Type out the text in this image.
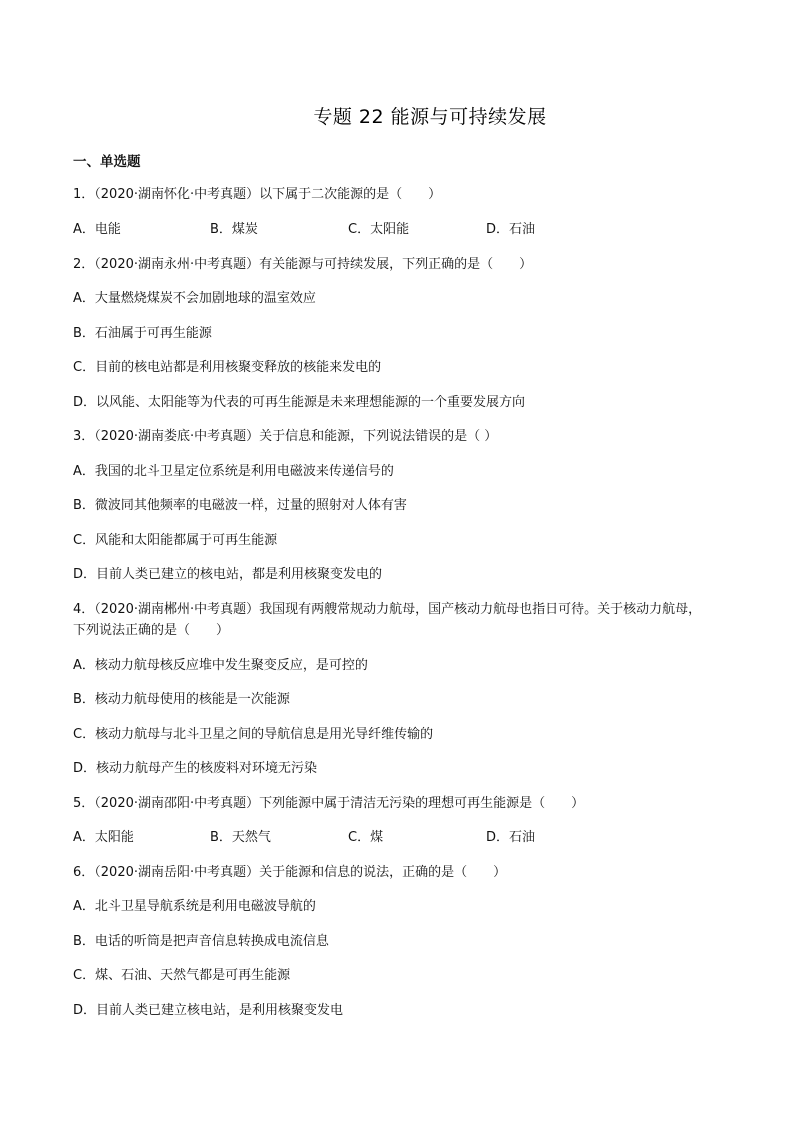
专题 22 能源与可持续发展
一、单选题
1．（2020·湖南怀化·中考真题）以下属于二次能源的是（　　）
A．电能	B．煤炭	C．太阳能	D．石油
2．（2020·湖南永州·中考真题）有关能源与可持续发展，下列正确的是（　　）
A．大量燃烧煤炭不会加剧地球的温室效应
B．石油属于可再生能源
C．目前的核电站都是利用核聚变释放的核能来发电的
D．以风能、太阳能等为代表的可再生能源是未来理想能源的一个重要发展方向
3．（2020·湖南娄底·中考真题）关于信息和能源，下列说法错误的是（ ）
A．我国的北斗卫星定位系统是利用电磁波来传递信号的
B．微波同其他频率的电磁波一样，过量的照射对人体有害
C．风能和太阳能都属于可再生能源
D．目前人类已建立的核电站，都是利用核聚变发电的
4．（2020·湖南郴州·中考真题）我国现有两艘常规动力航母，国产核动力航母也指日可待。关于核动力航母，
下列说法正确的是（　　）
A．核动力航母核反应堆中发生聚变反应，是可控的
B．核动力航母使用的核能是一次能源
C．核动力航母与北斗卫星之间的导航信息是用光导纤维传输的
D．核动力航母产生的核废料对环境无污染
5．（2020·湖南邵阳·中考真题）下列能源中属于清洁无污染的理想可再生能源是（　　）
A．太阳能	B．天然气	C．煤	D．石油
6．（2020·湖南岳阳·中考真题）关于能源和信息的说法，正确的是（　　）
A．北斗卫星导航系统是利用电磁波导航的
B．电话的听筒是把声音信息转换成电流信息
C．煤、石油、天然气都是可再生能源
D．目前人类已建立核电站，是利用核聚变发电
